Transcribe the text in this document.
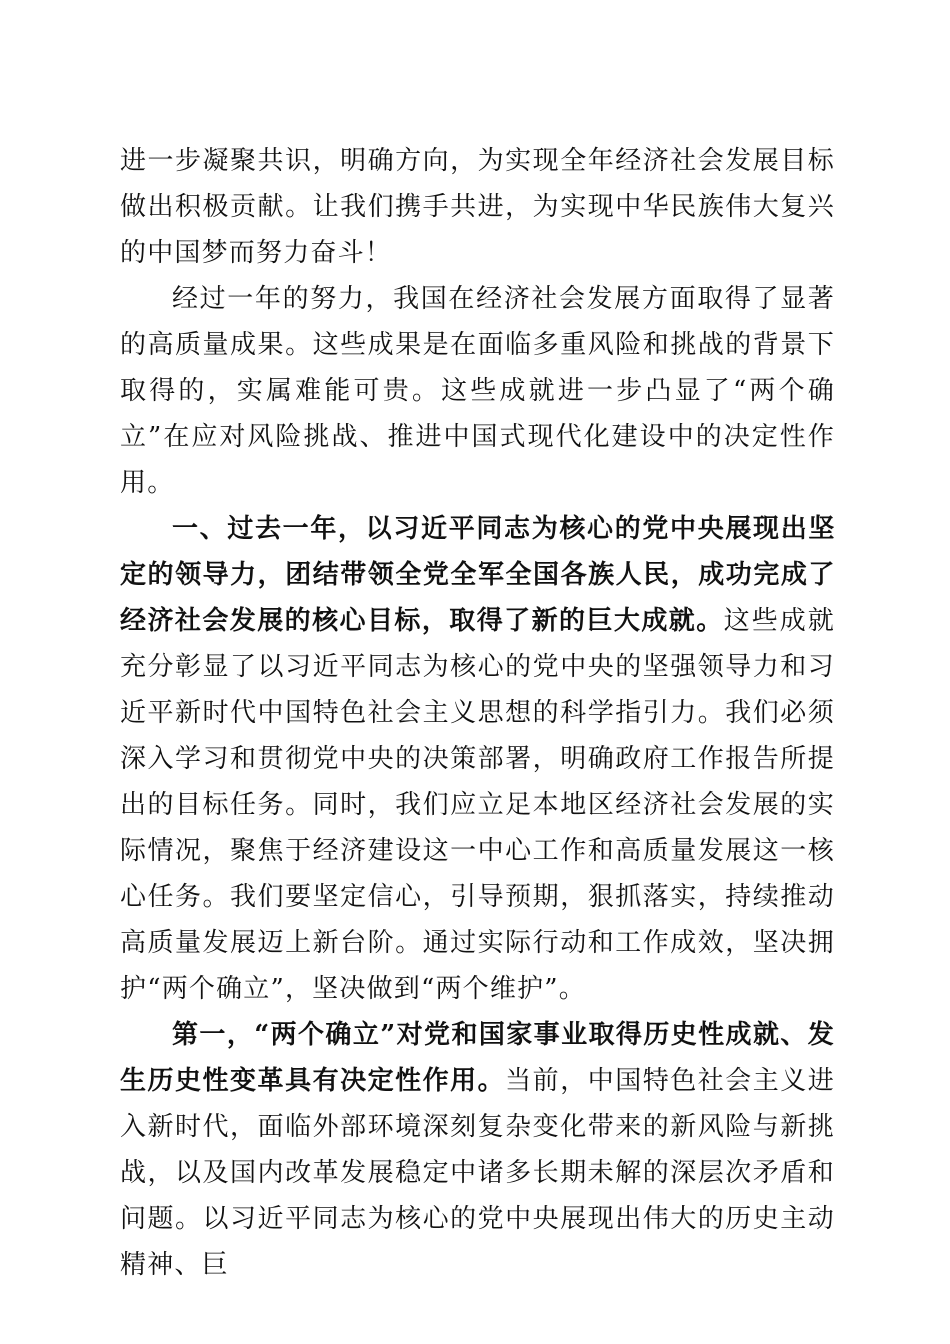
进一步凝聚共识，明确方向，为实现全年经济社会发展目标做出积极贡献。让我们携手共进，为实现中华民族伟大复兴的中国梦而努力奋斗！

经过一年的努力，我国在经济社会发展方面取得了显著的高质量成果。这些成果是在面临多重风险和挑战的背景下取得的，实属难能可贵。这些成就进一步凸显了“两个确立”在应对风险挑战、推进中国式现代化建设中的决定性作用。

一、过去一年，以习近平同志为核心的党中央展现出坚定的领导力，团结带领全党全军全国各族人民，成功完成了经济社会发展的核心目标，取得了新的巨大成就。这些成就充分彰显了以习近平同志为核心的党中央的坚强领导力和习近平新时代中国特色社会主义思想的科学指引力。我们必须深入学习和贯彻党中央的决策部署，明确政府工作报告所提出的目标任务。同时，我们应立足本地区经济社会发展的实际情况，聚焦于经济建设这一中心工作和高质量发展这一核心任务。我们要坚定信心，引导预期，狠抓落实，持续推动高质量发展迈上新台阶。通过实际行动和工作成效，坚决拥护“两个确立”，坚决做到“两个维护”。

第一，“两个确立”对党和国家事业取得历史性成就、发生历史性变革具有决定性作用。当前，中国特色社会主义进入新时代，面临外部环境深刻复杂变化带来的新风险与新挑战，以及国内改革发展稳定中诸多长期未解的深层次矛盾和问题。以习近平同志为核心的党中央展现出伟大的历史主动精神、巨
